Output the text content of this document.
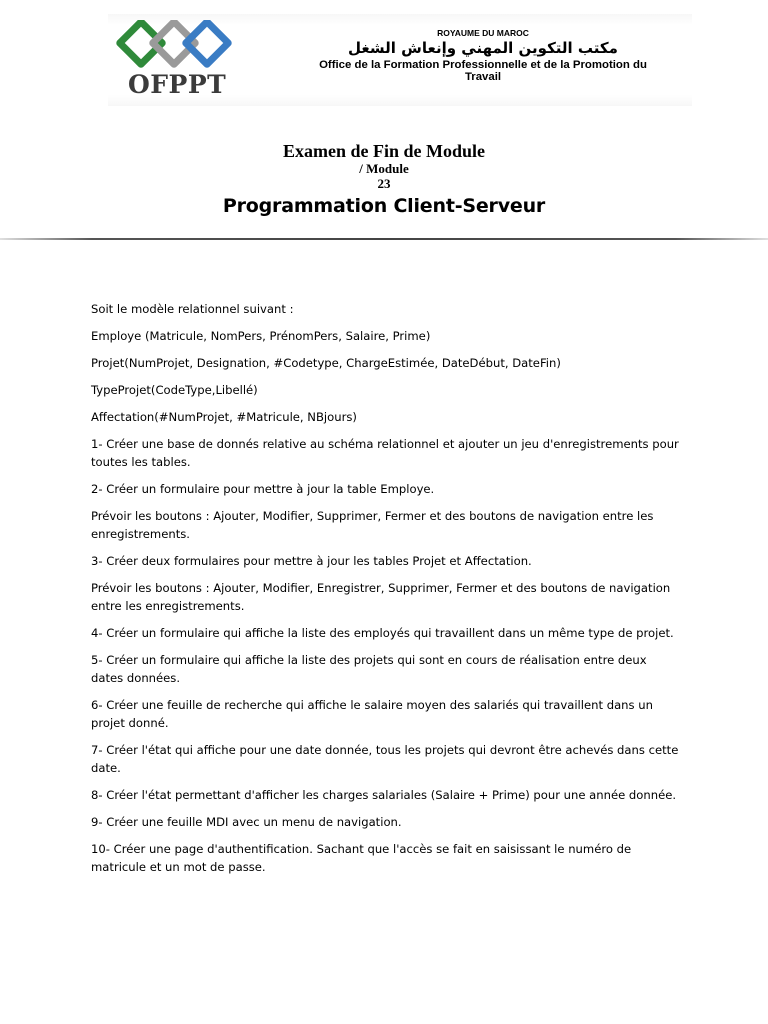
OFPPT
ROYAUME DU MAROC
مكتب التكوين المهني وإنعاش الشغل
Office de la Formation Professionnelle et de la Promotion du
Travail
Examen de Fin de Module
/ Module
23
Programmation Client-Serveur

Soit le modèle relationnel suivant :

Employe (Matricule, NomPers, PrénomPers, Salaire, Prime)

Projet(NumProjet, Designation, #Codetype, ChargeEstimée, DateDébut, DateFin)

TypeProjet(CodeType,Libellé)

Affectation(#NumProjet, #Matricule, NBjours)

1- Créer une base de donnés relative au schéma relationnel et ajouter un jeu d'enregistrements pour toutes les tables.

2- Créer un formulaire pour mettre à jour la table Employe.

Prévoir les boutons : Ajouter, Modifier, Supprimer, Fermer et des boutons de navigation entre les enregistrements.

3- Créer deux formulaires pour mettre à jour les tables Projet et Affectation.

Prévoir les boutons : Ajouter, Modifier, Enregistrer, Supprimer, Fermer et des boutons de navigation entre les enregistrements.

4- Créer un formulaire qui affiche la liste des employés qui travaillent dans un même type de projet.

5- Créer un formulaire qui affiche la liste des projets qui sont en cours de réalisation entre deux dates données.

6- Créer une feuille de recherche qui affiche le salaire moyen des salariés qui travaillent dans un projet donné.

7- Créer l'état qui affiche pour une date donnée, tous les projets qui devront être achevés dans cette date.

8- Créer l'état permettant d'afficher les charges salariales (Salaire + Prime) pour une année donnée.

9- Créer une feuille MDI avec un menu de navigation.

10- Créer une page d'authentification. Sachant que l'accès se fait en saisissant le numéro de matricule et un mot de passe.
